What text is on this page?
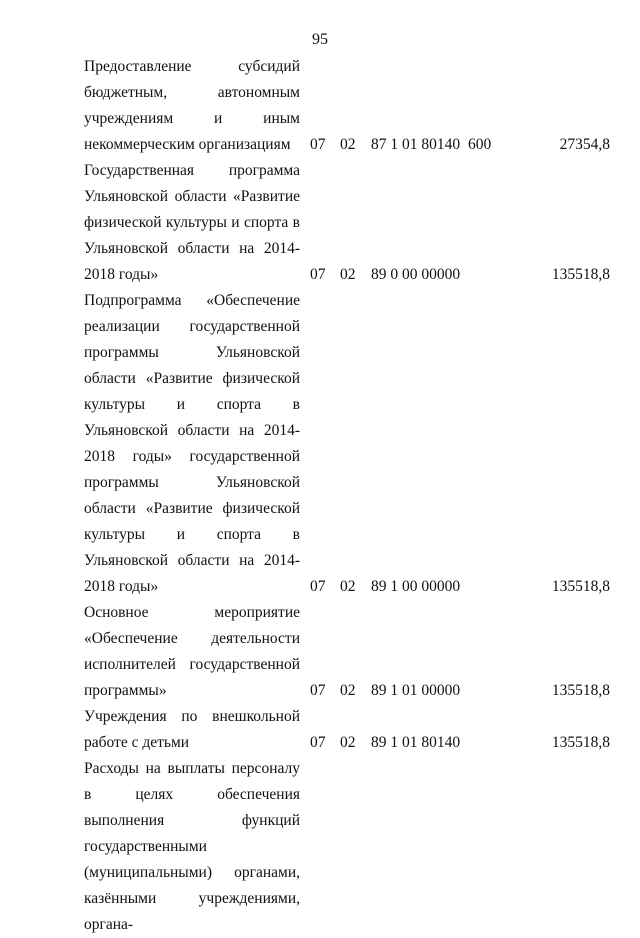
95
Предоставление субсидий бюджетным, автономным учреждениям и иным некоммерческим организациям	07 02 87 1 01 80140 600	27354,8
Государственная программа Ульяновской области «Развитие физической культуры и спорта в Ульяновской области на 2014-2018 годы»	07 02 89 0 00 00000	135518,8
Подпрограмма «Обеспечение реализации государственной программы Ульяновской области «Развитие физической культуры и спорта в Ульяновской области на 2014-2018 годы» государственной программы Ульяновской области «Развитие физической культуры и спорта в Ульяновской области на 2014-2018 годы»	07 02 89 1 00 00000	135518,8
Основное мероприятие «Обеспечение деятельности исполнителей государственной программы»	07 02 89 1 01 00000	135518,8
Учреждения по внешкольной работе с детьми	07 02 89 1 01 80140	135518,8
Расходы на выплаты персоналу в целях обеспечения выполнения функций государственными (муниципальными) органами, казёнными учреждениями, органа-
